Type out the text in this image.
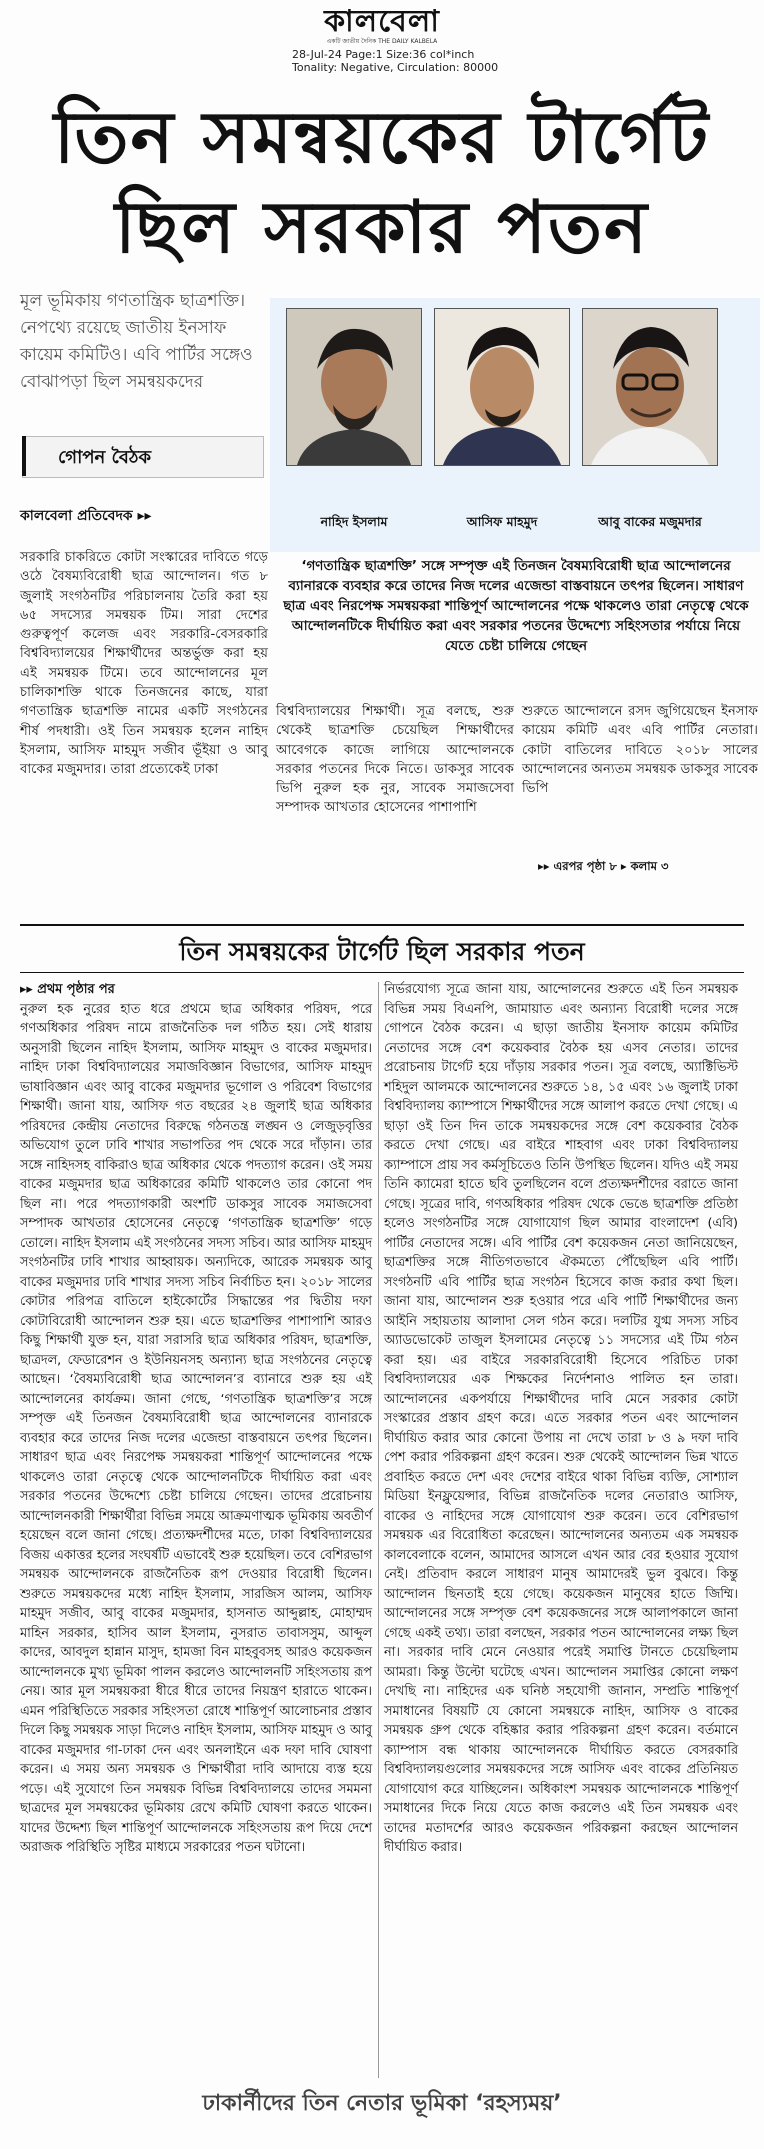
কালবেলা
একটি জাতীয় দৈনিক THE DAILY KALBELA
28-Jul-24 Page:1 Size:36 col*inch
Tonality: Negative, Circulation: 80000
তিন সমন্বয়কের টার্গেট
ছিল সরকার পতন
মূল ভূমিকায় গণতান্ত্রিক ছাত্রশক্তি। নেপথ্যে রয়েছে জাতীয় ইনসাফ কায়েম কমিটিও। এবি পার্টির সঙ্গেও বোঝাপড়া ছিল সমন্বয়কদের
গোপন বৈঠক
কালবেলা প্রতিবেদক ▸▸	নাহিদ ইসলাম	আসিফ মাহমুদ	আবু বাকের মজুমদার
‘গণতান্ত্রিক ছাত্রশক্তি’ সঙ্গে সম্পৃক্ত এই তিনজন বৈষম্যবিরোধী ছাত্র আন্দোলনের ব্যানারকে ব্যবহার করে তাদের নিজ দলের এজেন্ডা বাস্তবায়নে তৎপর ছিলেন। সাধারণ ছাত্র এবং নিরপেক্ষ সমন্বয়করা শান্তিপূর্ণ আন্দোলনের পক্ষে থাকলেও তারা নেতৃত্বে থেকে আন্দোলনটিকে দীর্ঘায়িত করা এবং সরকার পতনের উদ্দেশ্যে সহিংসতার পর্যায়ে নিয়ে যেতে চেষ্টা চালিয়ে গেছেন
সরকারি চাকরিতে কোটা সংস্কারের দাবিতে গড়ে ওঠে বৈষম্যবিরোধী ছাত্র আন্দোলন। গত ৮ জুলাই সংগঠনটির পরিচালনায় তৈরি করা হয় ৬৫ সদস্যের সমন্বয়ক টিম। সারা দেশের গুরুত্বপূর্ণ কলেজ এবং সরকারি-বেসরকারি বিশ্ববিদ্যালয়ের শিক্ষার্থীদের অন্তর্ভুক্ত করা হয় এই সমন্বয়ক টিমে। তবে আন্দোলনের মূল চালিকাশক্তি থাকে তিনজনের কাছে, যারা গণতান্ত্রিক ছাত্রশক্তি নামের একটি সংগঠনের শীর্ষ পদধারী। ওই তিন সমন্বয়ক হলেন নাহিদ ইসলাম, আসিফ মাহমুদ সজীব ভূঁইয়া ও আবু বাকের মজুমদার। তারা প্রত্যেকেই ঢাকা
বিশ্ববিদ্যালয়ের শিক্ষার্থী। সূত্র বলছে, শুরু থেকেই ছাত্রশক্তি চেয়েছিল শিক্ষার্থীদের আবেগকে কাজে লাগিয়ে আন্দোলনকে সরকার পতনের দিকে নিতে। ডাকসুর সাবেক ভিপি নুরুল হক নুর, সাবেক সমাজসেবা সম্পাদক আখতার হোসেনের পাশাপাশি
শুরুতে আন্দোলনে রসদ জুগিয়েছেন ইনসাফ কায়েম কমিটি এবং এবি পার্টির নেতারা। কোটা বাতিলের দাবিতে ২০১৮ সালের আন্দোলনের অন্যতম সমন্বয়ক ডাকসুর সাবেক ভিপি
▸▸ এরপর পৃষ্ঠা ৮ ▸ কলাম ৩
তিন সমন্বয়কের টার্গেট ছিল সরকার পতন

▸▸ প্রথম পৃষ্ঠার পর

নুরুল হক নুরের হাত ধরে প্রথমে ছাত্র অধিকার পরিষদ, পরে গণঅধিকার পরিষদ নামে রাজনৈতিক দল গঠিত হয়। সেই ধারায় অনুসারী ছিলেন নাহিদ ইসলাম, আসিফ মাহমুদ ও বাকের মজুমদার। নাহিদ ঢাকা বিশ্ববিদ্যালয়ের সমাজবিজ্ঞান বিভাগের, আসিফ মাহমুদ ভাষাবিজ্ঞান এবং আবু বাকের মজুমদার ভূগোল ও পরিবেশ বিভাগের শিক্ষার্থী। জানা যায়, আসিফ গত বছরের ২৪ জুলাই ছাত্র অধিকার পরিষদের কেন্দ্রীয় নেতাদের বিরুদ্ধে গঠনতন্ত্র লঙ্ঘন ও লেজুড়বৃত্তির অভিযোগ তুলে ঢাবি শাখার সভাপতির পদ থেকে সরে দাঁড়ান। তার সঙ্গে নাহিদসহ বাকিরাও ছাত্র অধিকার থেকে পদত্যাগ করেন। ওই সময় বাকের মজুমদার ছাত্র অধিকারের কমিটি থাকলেও তার কোনো পদ ছিল না। পরে পদত্যাগকারী অংশটি ডাকসুর সাবেক সমাজসেবা সম্পাদক আখতার হোসেনের নেতৃত্বে ‘গণতান্ত্রিক ছাত্রশক্তি’ গড়ে তোলে। নাহিদ ইসলাম এই সংগঠনের সদস্য সচিব। আর আসিফ মাহমুদ সংগঠনটির ঢাবি শাখার আহ্বায়ক। অন্যদিকে, আরেক সমন্বয়ক আবু বাকের মজুমদার ঢাবি শাখার সদস্য সচিব নির্বাচিত হন। ২০১৮ সালের কোটার পরিপত্র বাতিলে হাইকোর্টের সিদ্ধান্তের পর দ্বিতীয় দফা কোটাবিরোধী আন্দোলন শুরু হয়। এতে ছাত্রশক্তির পাশাপাশি আরও কিছু শিক্ষার্থী যুক্ত হন, যারা সরাসরি ছাত্র অধিকার পরিষদ, ছাত্রশক্তি, ছাত্রদল, ফেডারেশন ও ইউনিয়নসহ অন্যান্য ছাত্র সংগঠনের নেতৃত্বে আছেন। ‘বৈষম্যবিরোধী ছাত্র আন্দোলন’র ব্যানারে শুরু হয় এই আন্দোলনের কার্যক্রম। জানা গেছে, ‘গণতান্ত্রিক ছাত্রশক্তি’র সঙ্গে সম্পৃক্ত এই তিনজন বৈষম্যবিরোধী ছাত্র আন্দোলনের ব্যানারকে ব্যবহার করে তাদের নিজ দলের এজেন্ডা বাস্তবায়নে তৎপর ছিলেন। সাধারণ ছাত্র এবং নিরপেক্ষ সমন্বয়করা শান্তিপূর্ণ আন্দোলনের পক্ষে থাকলেও তারা নেতৃত্বে থেকে আন্দোলনটিকে দীর্ঘায়িত করা এবং সরকার পতনের উদ্দেশ্যে চেষ্টা চালিয়ে গেছেন। তাদের প্ররোচনায় আন্দোলনকারী শিক্ষার্থীরা বিভিন্ন সময়ে আক্রমণাত্মক ভূমিকায় অবতীর্ণ হয়েছেন বলে জানা গেছে। প্রত্যক্ষদর্শীদের মতে, ঢাকা বিশ্ববিদ্যালয়ের বিজয় একাত্তর হলের সংঘর্ষটি এভাবেই শুরু হয়েছিল। তবে বেশিরভাগ সমন্বয়ক আন্দোলনকে রাজনৈতিক রূপ দেওয়ার বিরোধী ছিলেন। শুরুতে সমন্বয়কদের মধ্যে নাহিদ ইসলাম, সারজিস আলম, আসিফ মাহমুদ সজীব, আবু বাকের মজুমদার, হাসনাত আব্দুল্লাহ, মোহাম্মদ মাহিন সরকার, হাসিব আল ইসলাম, নুসরাত তাবাসসুম, আব্দুল কাদের, আবদুল হান্নান মাসুদ, হামজা বিন মাহবুবসহ আরও কয়েকজন আন্দোলনকে মুখ্য ভূমিকা পালন করলেও আন্দোলনটি সহিংসতায় রূপ নেয়। আর মূল সমন্বয়করা ধীরে ধীরে তাদের নিয়ন্ত্রণ হারাতে থাকেন। এমন পরিস্থিতিতে সরকার সহিংসতা রোধে শান্তিপূর্ণ আলোচনার প্রস্তাব দিলে কিছু সমন্বয়ক সাড়া দিলেও নাহিদ ইসলাম, আসিফ মাহমুদ ও আবু বাকের মজুমদার গা-ঢাকা দেন এবং অনলাইনে এক দফা দাবি ঘোষণা করেন। এ সময় অন্য সমন্বয়ক ও শিক্ষার্থীরা দাবি আদায়ে ব্যস্ত হয়ে পড়ে। এই সুযোগে তিন সমন্বয়ক বিভিন্ন বিশ্ববিদ্যালয়ে তাদের সমমনা ছাত্রদের মূল সমন্বয়কের ভূমিকায় রেখে কমিটি ঘোষণা করতে থাকেন। যাদের উদ্দেশ্য ছিল শান্তিপূর্ণ আন্দোলনকে সহিংসতায় রূপ দিয়ে দেশে অরাজক পরিস্থিতি সৃষ্টির মাধ্যমে সরকারের পতন ঘটানো।

নির্ভরযোগ্য সূত্রে জানা যায়, আন্দোলনের শুরুতে এই তিন সমন্বয়ক বিভিন্ন সময় বিএনপি, জামায়াত এবং অন্যান্য বিরোধী দলের সঙ্গে গোপনে বৈঠক করেন। এ ছাড়া জাতীয় ইনসাফ কায়েম কমিটির নেতাদের সঙ্গে বেশ কয়েকবার বৈঠক হয় এসব নেতার। তাদের প্ররোচনায় টার্গেট হয়ে দাঁড়ায় সরকার পতন। সূত্র বলছে, অ্যাক্টিভিস্ট শহিদুল আলমকে আন্দোলনের শুরুতে ১৪, ১৫ এবং ১৬ জুলাই ঢাকা বিশ্ববিদ্যালয় ক্যাম্পাসে শিক্ষার্থীদের সঙ্গে আলাপ করতে দেখা গেছে। এ ছাড়া ওই তিন দিন তাকে সমন্বয়কদের সঙ্গে বেশ কয়েকবার বৈঠক করতে দেখা গেছে। এর বাইরে শাহবাগ এবং ঢাকা বিশ্ববিদ্যালয় ক্যাম্পাসে প্রায় সব কর্মসূচিতেও তিনি উপস্থিত ছিলেন। যদিও এই সময় তিনি ক্যামেরা হাতে ছবি তুলছিলেন বলে প্রত্যক্ষদর্শীদের বরাতে জানা গেছে। সূত্রের দাবি, গণঅধিকার পরিষদ থেকে ভেঙে ছাত্রশক্তি প্রতিষ্ঠা হলেও সংগঠনটির সঙ্গে যোগাযোগ ছিল আমার বাংলাদেশ (এবি) পার্টির নেতাদের সঙ্গে। এবি পার্টির বেশ কয়েকজন নেতা জানিয়েছেন, ছাত্রশক্তির সঙ্গে নীতিগতভাবে ঐকমত্যে পৌঁছেছিল এবি পার্টি। সংগঠনটি এবি পার্টির ছাত্র সংগঠন হিসেবে কাজ করার কথা ছিল। জানা যায়, আন্দোলন শুরু হওয়ার পরে এবি পার্টি শিক্ষার্থীদের জন্য আইনি সহায়তায় আলাদা সেল গঠন করে। দলটির যুগ্ম সদস্য সচিব অ্যাডভোকেট তাজুল ইসলামের নেতৃত্বে ১১ সদস্যের এই টিম গঠন করা হয়। এর বাইরে সরকারবিরোধী হিসেবে পরিচিত ঢাকা বিশ্ববিদ্যালয়ের এক শিক্ষকের নির্দেশনাও পালিত হন তারা। আন্দোলনের একপর্যায়ে শিক্ষার্থীদের দাবি মেনে সরকার কোটা সংস্কারের প্রস্তাব গ্রহণ করে। এতে সরকার পতন এবং আন্দোলন দীর্ঘায়িত করার আর কোনো উপায় না দেখে তারা ৮ ও ৯ দফা দাবি পেশ করার পরিকল্পনা গ্রহণ করেন। শুরু থেকেই আন্দোলন ভিন্ন খাতে প্রবাহিত করতে দেশ এবং দেশের বাইরে থাকা বিভিন্ন ব্যক্তি, সোশ্যাল মিডিয়া ইনফ্লুয়েন্সার, বিভিন্ন রাজনৈতিক দলের নেতারাও আসিফ, বাকের ও নাহিদের সঙ্গে যোগাযোগ শুরু করেন। তবে বেশিরভাগ সমন্বয়ক এর বিরোধিতা করেছেন। আন্দোলনের অন্যতম এক সমন্বয়ক কালবেলাকে বলেন, আমাদের আসলে এখন আর বের হওয়ার সুযোগ নেই। প্রতিবাদ করলে সাধারণ মানুষ আমাদেরই ভুল বুঝবে। কিন্তু আন্দোলন ছিনতাই হয়ে গেছে। কয়েকজন মানুষের হাতে জিম্মি। আন্দোলনের সঙ্গে সম্পৃক্ত বেশ কয়েকজনের সঙ্গে আলাপকালে জানা গেছে একই তথ্য। তারা বলছেন, সরকার পতন আন্দোলনের লক্ষ্য ছিল না। সরকার দাবি মেনে নেওয়ার পরেই সমাপ্তি টানতে চেয়েছিলাম আমরা। কিন্তু উল্টো ঘটেছে এখন। আন্দোলন সমাপ্তির কোনো লক্ষণ দেখছি না। নাহিদের এক ঘনিষ্ঠ সহযোগী জানান, সম্প্রতি শান্তিপূর্ণ সমাধানের বিষয়টি যে কোনো সমন্বয়কে নাহিদ, আসিফ ও বাকের সমন্বয়ক গ্রুপ থেকে বহিষ্কার করার পরিকল্পনা গ্রহণ করেন। বর্তমানে ক্যাম্পাস বন্ধ থাকায় আন্দোলনকে দীর্ঘায়িত করতে বেসরকারি বিশ্ববিদ্যালয়গুলোর সমন্বয়কদের সঙ্গে আসিফ এবং বাকের প্রতিনিয়ত যোগাযোগ করে যাচ্ছিলেন। অধিকাংশ সমন্বয়ক আন্দোলনকে শান্তিপূর্ণ সমাধানের দিকে নিয়ে যেতে কাজ করলেও এই তিন সমন্বয়ক এবং তাদের মতাদর্শের আরও কয়েকজন পরিকল্পনা করছেন আন্দোলন দীর্ঘায়িত করার।

ঢাকার্নীদের তিন নেতার ভূমিকা ‘রহস্যময়’
